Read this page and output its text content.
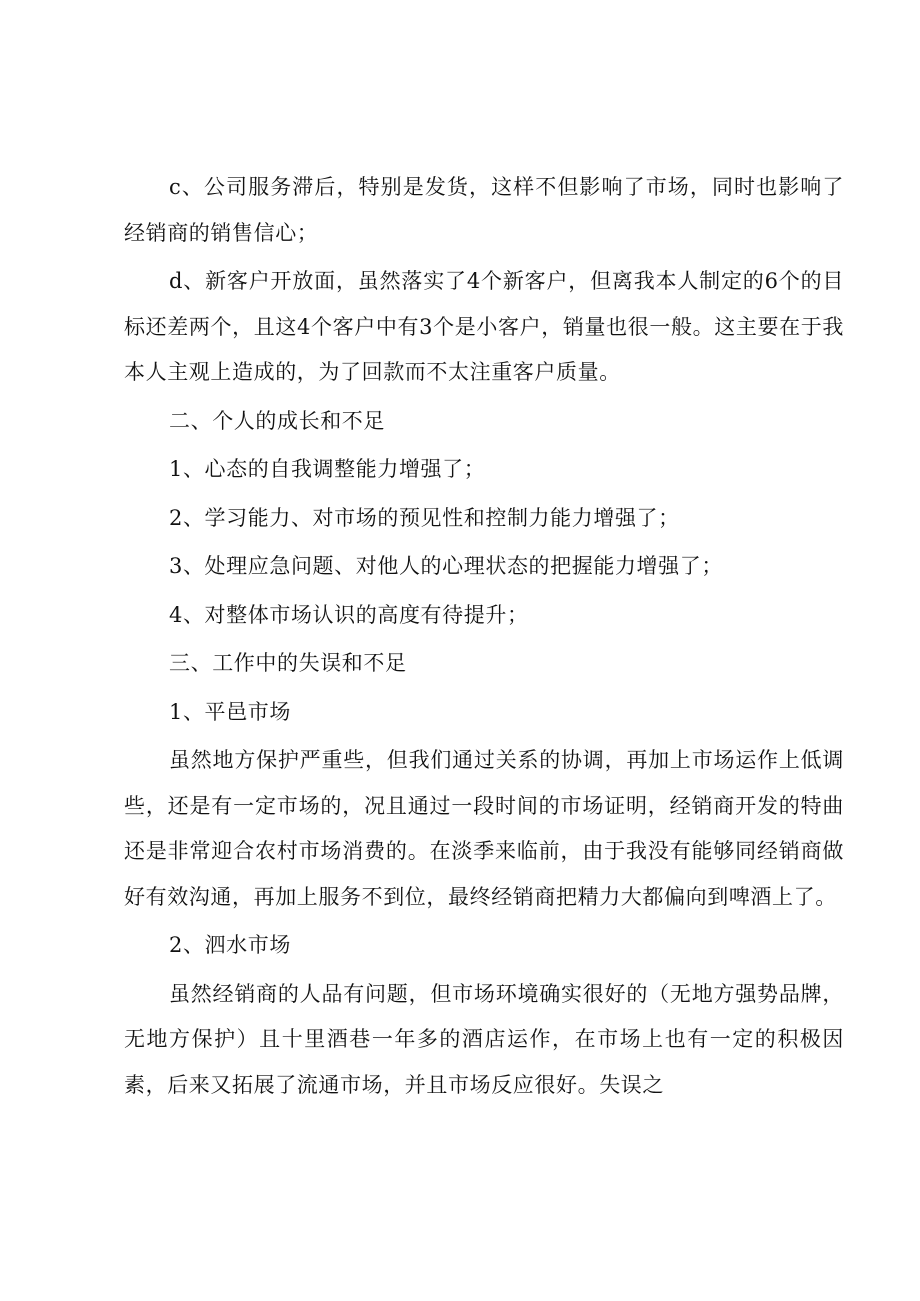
c、公司服务滞后，特别是发货，这样不但影响了市场，同时也影响了经销商的销售信心；

d、新客户开放面，虽然落实了4个新客户，但离我本人制定的6个的目标还差两个，且这4个客户中有3个是小客户，销量也很一般。这主要在于我本人主观上造成的，为了回款而不太注重客户质量。

二、个人的成长和不足

1、心态的自我调整能力增强了；

2、学习能力、对市场的预见性和控制力能力增强了；

3、处理应急问题、对他人的心理状态的把握能力增强了；

4、对整体市场认识的高度有待提升；

三、工作中的失误和不足

1、平邑市场

虽然地方保护严重些，但我们通过关系的协调，再加上市场运作上低调些，还是有一定市场的，况且通过一段时间的市场证明，经销商开发的特曲还是非常迎合农村市场消费的。在淡季来临前，由于我没有能够同经销商做好有效沟通，再加上服务不到位，最终经销商把精力大都偏向到啤酒上了。

2、泗水市场

虽然经销商的人品有问题，但市场环境确实很好的（无地方强势品牌，无地方保护）且十里酒巷一年多的酒店运作，在市场上也有一定的积极因素，后来又拓展了流通市场，并且市场反应很好。失误之
